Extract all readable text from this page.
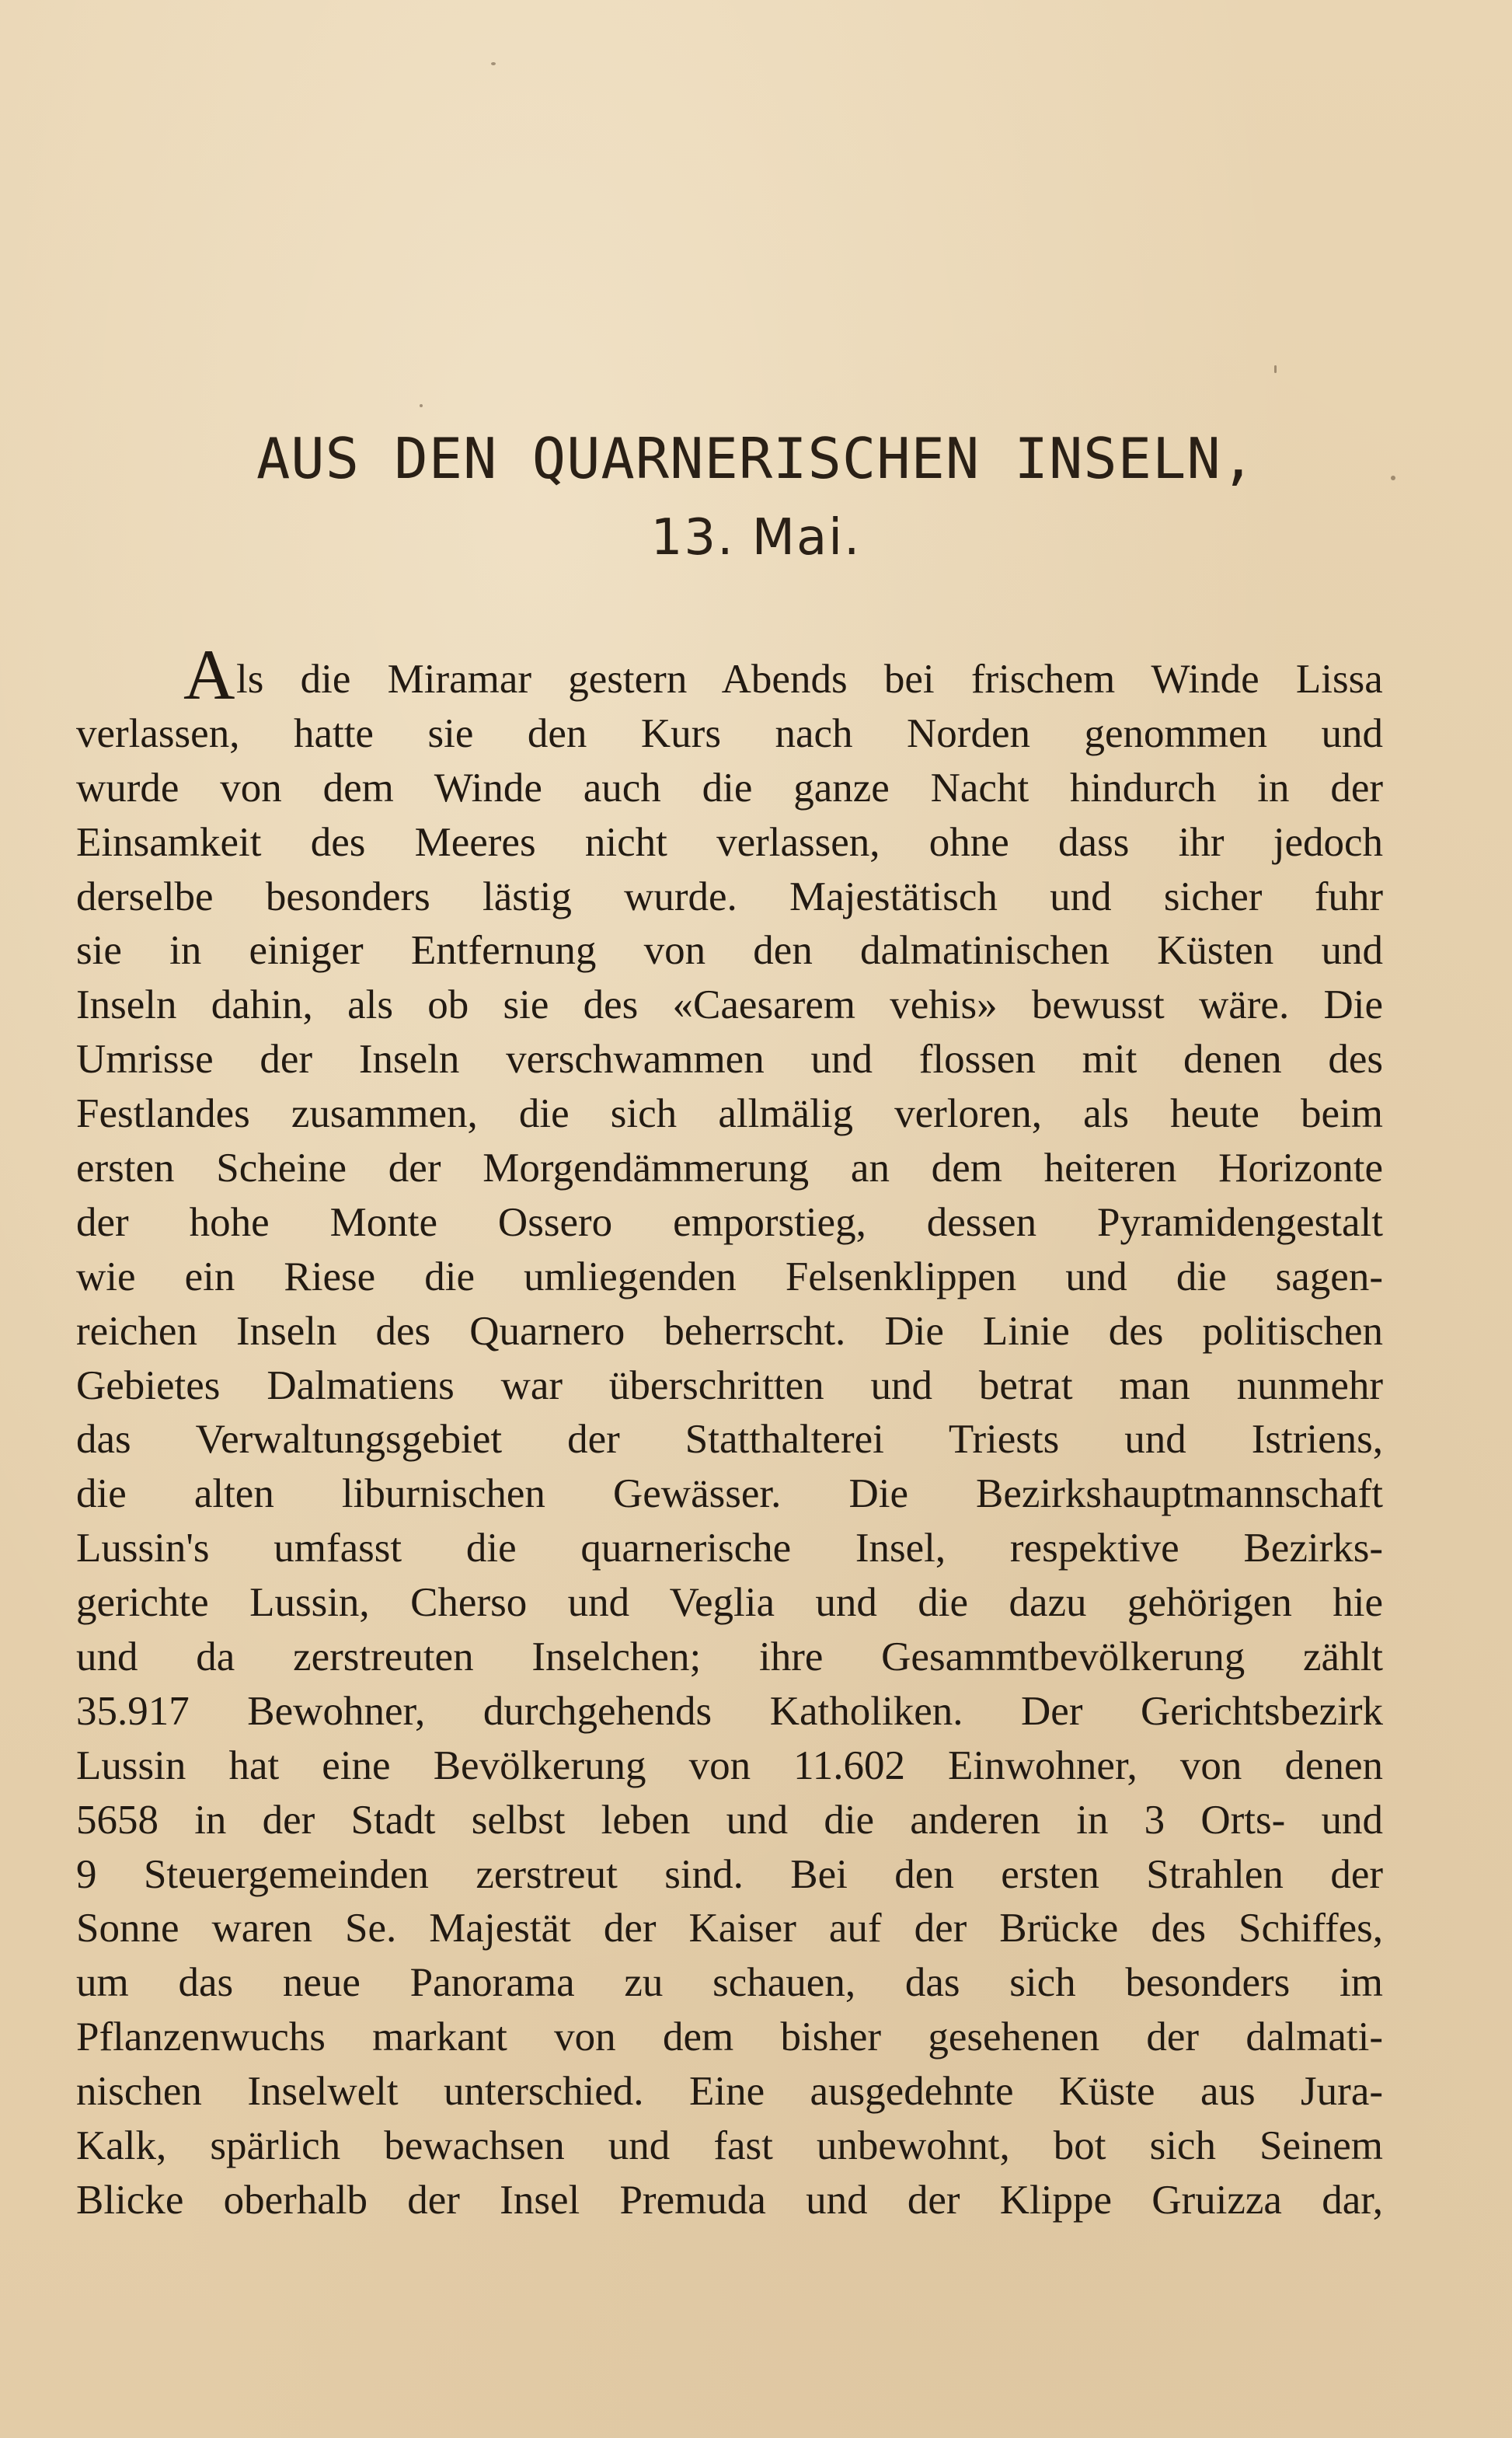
AUS DEN QUARNERISCHEN INSELN,
13. Mai.
A ls die Miramar gestern Abends bei frischem Winde Lissa
verlassen, hatte sie den Kurs nach Norden genommen und
wurde von dem Winde auch die ganze Nacht hindurch in der
Einsamkeit des Meeres nicht verlassen, ohne dass ihr jedoch
derselbe besonders lästig wurde. Majestätisch und sicher fuhr
sie in einiger Entfernung von den dalmatinischen Küsten und
Inseln dahin, als ob sie des «Caesarem vehis» bewusst wäre. Die
Umrisse der Inseln verschwammen und flossen mit denen des
Festlandes zusammen, die sich allmälig verloren, als heute beim
ersten Scheine der Morgendämmerung an dem heiteren Horizonte
der hohe Monte Ossero emporstieg, dessen Pyramidengestalt
wie ein Riese die umliegenden Felsenklippen und die sagen-
reichen Inseln des Quarnero beherrscht. Die Linie des politischen
Gebietes Dalmatiens war überschritten und betrat man nunmehr
das Verwaltungsgebiet der Statthalterei Triests und Istriens,
die alten liburnischen Gewässer. Die Bezirkshauptmannschaft
Lussin's umfasst die quarnerische Insel, respektive Bezirks-
gerichte Lussin, Cherso und Veglia und die dazu gehörigen hie
und da zerstreuten Inselchen; ihre Gesammtbevölkerung zählt
35.917 Bewohner, durchgehends Katholiken. Der Gerichtsbezirk
Lussin hat eine Bevölkerung von 11.602 Einwohner, von denen
5658 in der Stadt selbst leben und die anderen in 3 Orts- und
9 Steuergemeinden zerstreut sind. Bei den ersten Strahlen der
Sonne waren Se. Majestät der Kaiser auf der Brücke des Schiffes,
um das neue Panorama zu schauen, das sich besonders im
Pflanzenwuchs markant von dem bisher gesehenen der dalmati-
nischen Inselwelt unterschied. Eine ausgedehnte Küste aus Jura-
Kalk, spärlich bewachsen und fast unbewohnt, bot sich Seinem
Blicke oberhalb der Insel Premuda und der Klippe Gruizza dar,
